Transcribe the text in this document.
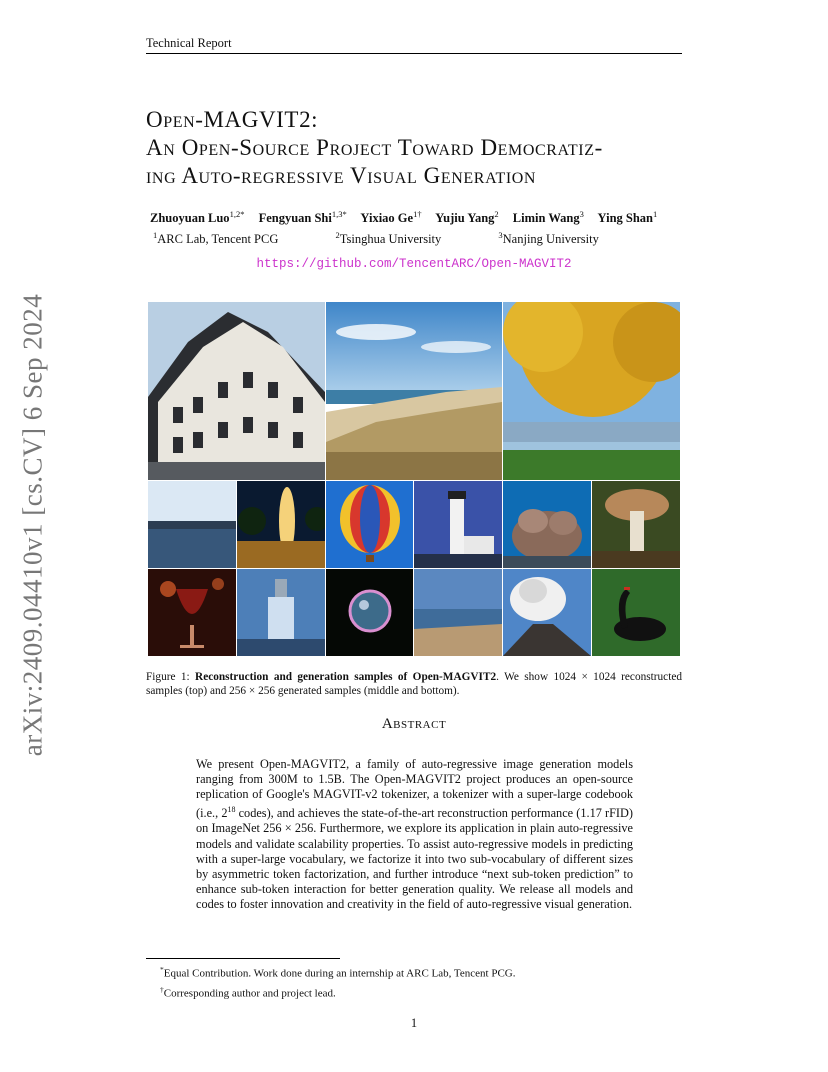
Technical Report
arXiv:2409.04410v1 [cs.CV] 6 Sep 2024
Open-MAGVIT2:
An Open-Source Project Toward Democratiz-
ing Auto-regressive Visual Generation
Zhuoyuan Luo$^{1,2*}$ Fengyuan Shi$^{1,3*}$ Yixiao $Ge^{1\dagger}$ Yujiu Yang$^2$ Limin Wang$^3$ Ying Shan$^1$
$^1$ARC Lab, Tencent PCG	$^2$Tsinghua University	$^3$Nanjing University
https://github.com/TencentARC/Open-MAGVIT2
Figure 1: Reconstruction and generation samples of Open-MAGVIT2. We show 1024 × 1024 reconstructed samples (top) and 256 × 256 generated samples (middle and bottom).
Abstract
We present Open-MAGVIT2, a family of auto-regressive image generation models ranging from 300M to 1.5B. The Open-MAGVIT2 project produces an open-source replication of Google's MAGVIT-v2 tokenizer, a tokenizer with a super-large codebook (i.e., $2^{18}$ codes), and achieves the state-of-the-art reconstruction performance (1.17 rFID) on ImageNet 256 × 256. Furthermore, we explore its application in plain auto-regressive models and validate scalability properties. To assist auto-regressive models in predicting with a super-large vocabulary, we factorize it into two sub-vocabulary of different sizes by asymmetric token factorization, and further introduce “next sub-token prediction” to enhance sub-token interaction for better generation quality. We release all models and codes to foster innovation and creativity in the field of auto-regressive visual generation.
*Equal Contribution. Work done during an internship at ARC Lab, Tencent PCG.
†Corresponding author and project lead.
1
